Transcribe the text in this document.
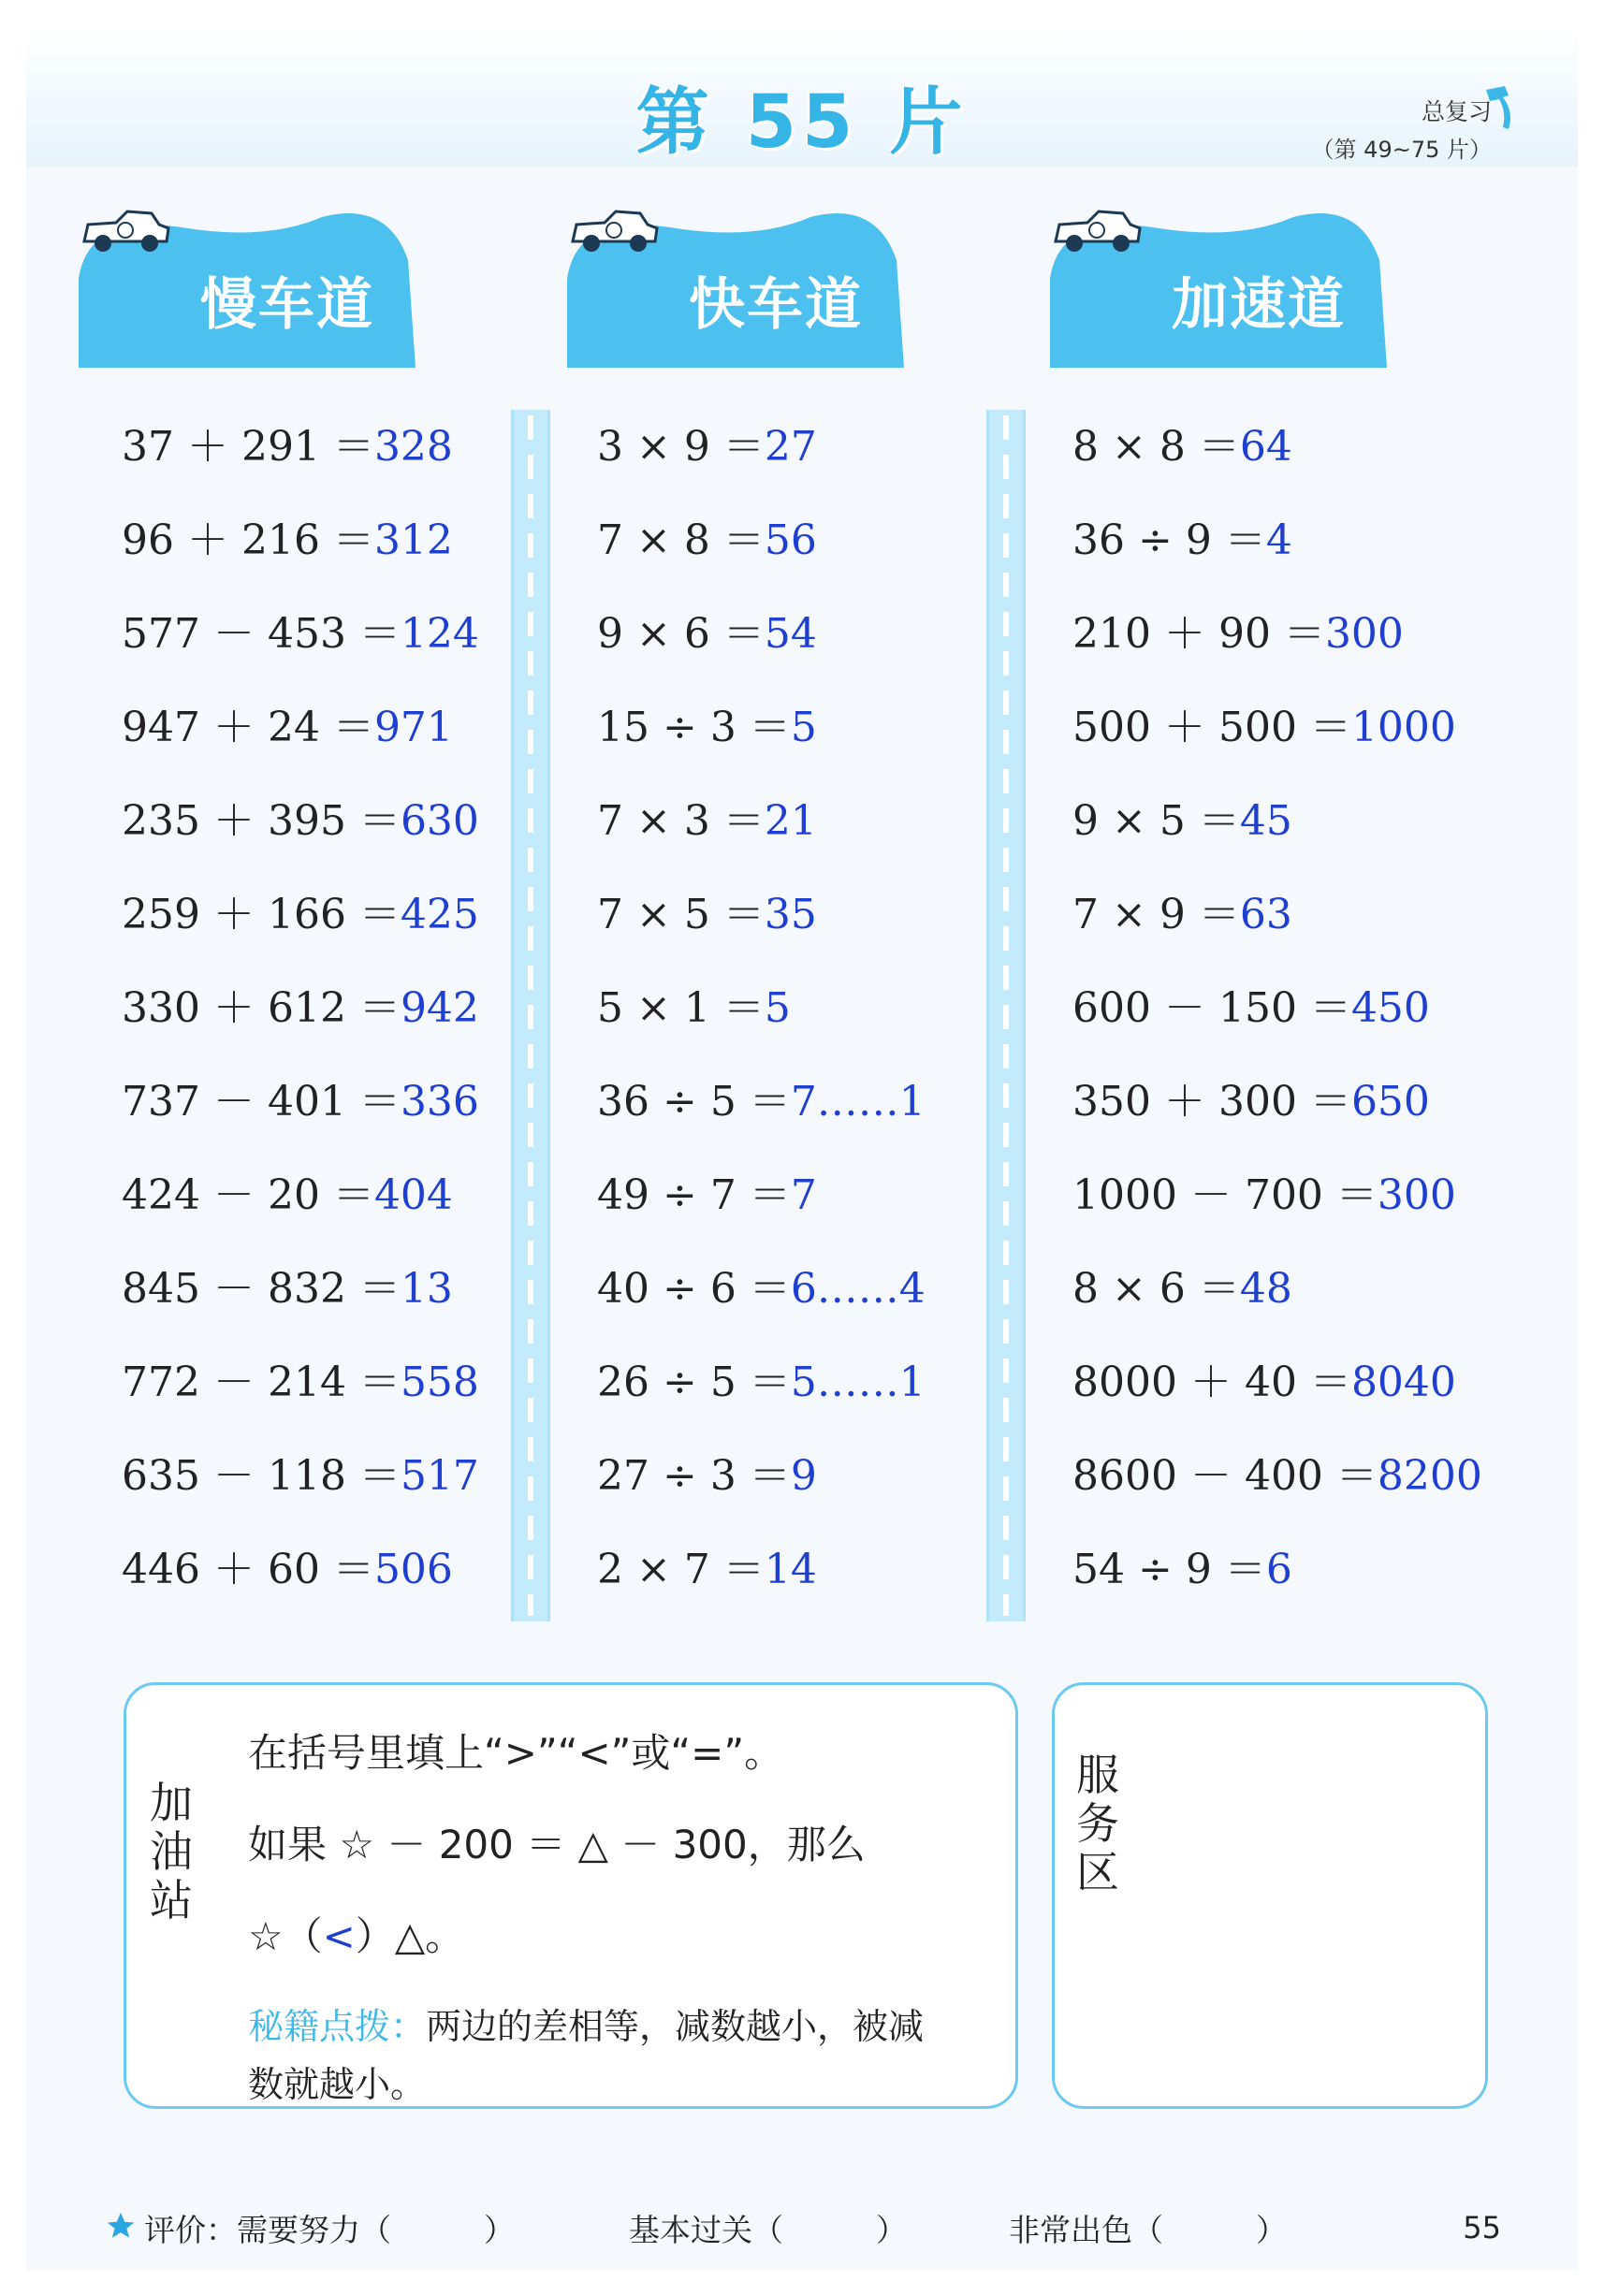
第 55 片	总复习
（第 49~75 片）
慢车道	快车道	加速道
37 ＋ 291 ＝328
96 ＋ 216 ＝312
577 － 453 ＝124
947 ＋ 24 ＝971
235 ＋ 395 ＝630
259 ＋ 166 ＝425
330 ＋ 612 ＝942
737 － 401 ＝336
424 － 20 ＝404
845 － 832 ＝13
772 － 214 ＝558
635 － 118 ＝517
446 ＋ 60 ＝506
3 × 9 ＝27
7 × 8 ＝56
9 × 6 ＝54
15 ÷ 3 ＝5
7 × 3 ＝21
7 × 5 ＝35
5 × 1 ＝5
36 ÷ 5 ＝7……1
49 ÷ 7 ＝7
40 ÷ 6 ＝6……4
26 ÷ 5 ＝5……1
27 ÷ 3 ＝9
2 × 7 ＝14
8 × 8 ＝64
36 ÷ 9 ＝4
210 ＋ 90 ＝300
500 ＋ 500 ＝1000
9 × 5 ＝45
7 × 9 ＝63
600 － 150 ＝450
350 ＋ 300 ＝650
1000 － 700 ＝300
8 × 6 ＝48
8000 ＋ 40 ＝8040
8600 － 400 ＝8200
54 ÷ 9 ＝6
加油站
在括号里填上“>”“<”或“=”。
如果 ☆ － 200 ＝ △ － 300，那么
☆（<）△。
秘籍点拨：两边的差相等，减数越小，被减
数就越小。
服务区
评价：需要努力（　　　）	基本过关（　　　）	非常出色（　　　）	55
